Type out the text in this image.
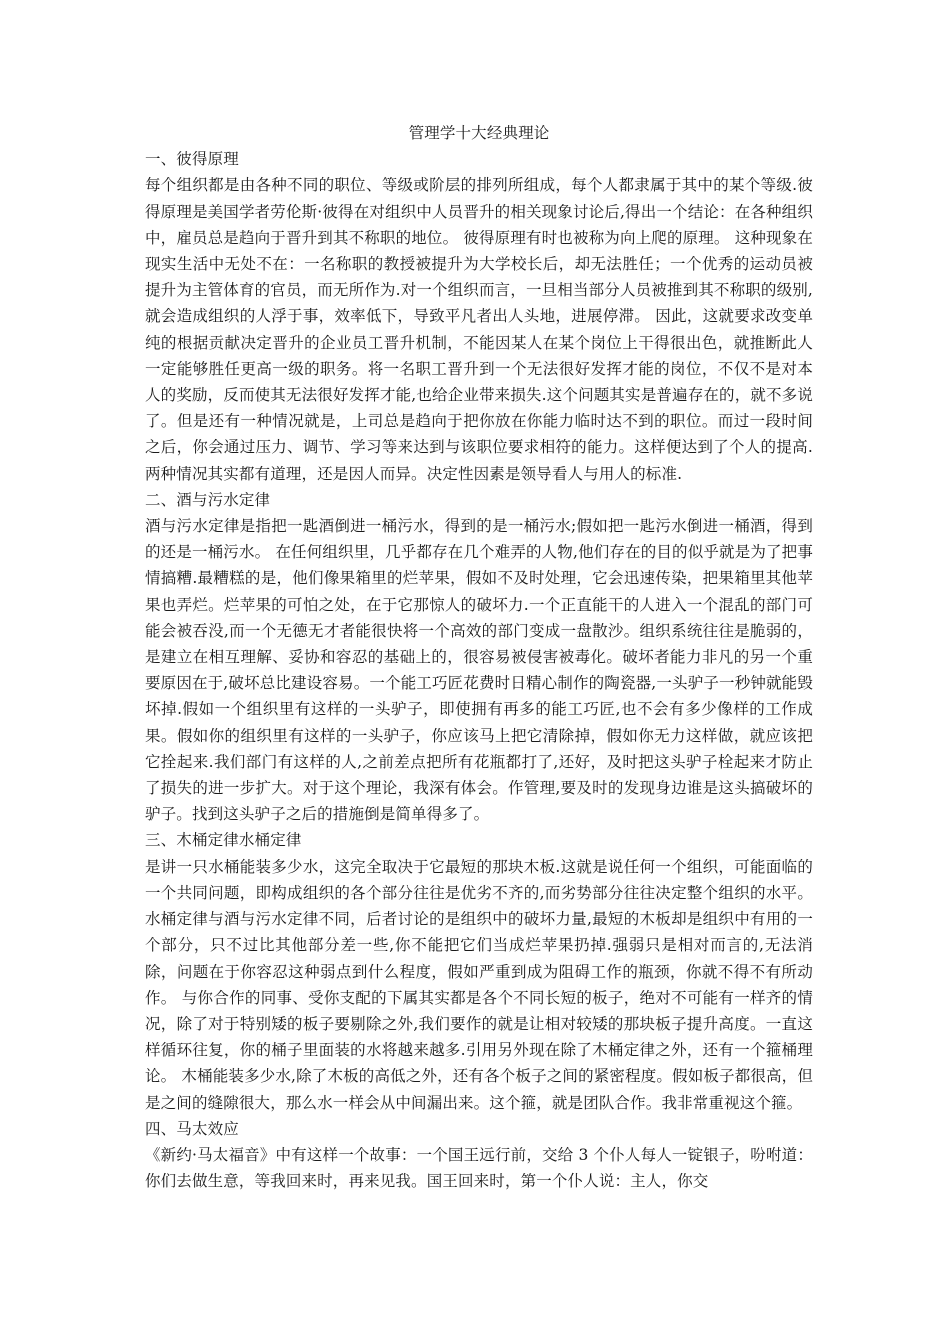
管理学十大经典理论

一、彼得原理

每个组织都是由各种不同的职位、等级或阶层的排列所组成，每个人都隶属于其中的某个等级.彼得原理是美国学者劳伦斯·彼得在对组织中人员晋升的相关现象讨论后,得出一个结论：在各种组织中，雇员总是趋向于晋升到其不称职的地位。 彼得原理有时也被称为向上爬的原理。 这种现象在现实生活中无处不在：一名称职的教授被提升为大学校长后，却无法胜任；一个优秀的运动员被提升为主管体育的官员，而无所作为.对一个组织而言，一旦相当部分人员被推到其不称职的级别,就会造成组织的人浮于事，效率低下，导致平凡者出人头地，进展停滞。 因此，这就要求改变单纯的根据贡献决定晋升的企业员工晋升机制，不能因某人在某个岗位上干得很出色，就推断此人一定能够胜任更高一级的职务。将一名职工晋升到一个无法很好发挥才能的岗位，不仅不是对本人的奖励，反而使其无法很好发挥才能,也给企业带来损失.这个问题其实是普遍存在的，就不多说了。但是还有一种情况就是，上司总是趋向于把你放在你能力临时达不到的职位。而过一段时间之后，你会通过压力、调节、学习等来达到与该职位要求相符的能力。这样便达到了个人的提高.两种情况其实都有道理，还是因人而异。决定性因素是领导看人与用人的标准.

二、酒与污水定律

酒与污水定律是指把一匙酒倒进一桶污水，得到的是一桶污水;假如把一匙污水倒进一桶酒，得到的还是一桶污水。 在任何组织里，几乎都存在几个难弄的人物,他们存在的目的似乎就是为了把事情搞糟.最糟糕的是，他们像果箱里的烂苹果，假如不及时处理，它会迅速传染，把果箱里其他苹果也弄烂。烂苹果的可怕之处，在于它那惊人的破坏力.一个正直能干的人进入一个混乱的部门可能会被吞没,而一个无德无才者能很快将一个高效的部门变成一盘散沙。组织系统往往是脆弱的，是建立在相互理解、妥协和容忍的基础上的，很容易被侵害被毒化。破坏者能力非凡的另一个重要原因在于,破坏总比建设容易。一个能工巧匠花费时日精心制作的陶瓷器,一头驴子一秒钟就能毁坏掉.假如一个组织里有这样的一头驴子，即使拥有再多的能工巧匠,也不会有多少像样的工作成果。假如你的组织里有这样的一头驴子，你应该马上把它清除掉，假如你无力这样做，就应该把它拴起来.我们部门有这样的人,之前差点把所有花瓶都打了,还好，及时把这头驴子栓起来才防止了损失的进一步扩大。对于这个理论，我深有体会。作管理,要及时的发现身边谁是这头搞破坏的驴子。找到这头驴子之后的措施倒是简单得多了。

三、木桶定律水桶定律

是讲一只水桶能装多少水，这完全取决于它最短的那块木板.这就是说任何一个组织，可能面临的一个共同问题，即构成组织的各个部分往往是优劣不齐的,而劣势部分往往决定整个组织的水平。水桶定律与酒与污水定律不同，后者讨论的是组织中的破坏力量,最短的木板却是组织中有用的一个部分，只不过比其他部分差一些,你不能把它们当成烂苹果扔掉.强弱只是相对而言的,无法消除，问题在于你容忍这种弱点到什么程度，假如严重到成为阻碍工作的瓶颈，你就不得不有所动作。 与你合作的同事、受你支配的下属其实都是各个不同长短的板子，绝对不可能有一样齐的情况，除了对于特别矮的板子要剔除之外,我们要作的就是让相对较矮的那块板子提升高度。一直这样循环往复，你的桶子里面装的水将越来越多.引用另外现在除了木桶定律之外，还有一个箍桶理论。 木桶能装多少水,除了木板的高低之外，还有各个板子之间的紧密程度。假如板子都很高，但是之间的缝隙很大，那么水一样会从中间漏出来。这个箍，就是团队合作。我非常重视这个箍。

四、马太效应

《新约·马太福音》中有这样一个故事：一个国王远行前，交给 3 个仆人每人一锭银子，吩咐道：你们去做生意，等我回来时，再来见我。国王回来时，第一个仆人说：主人，你交
